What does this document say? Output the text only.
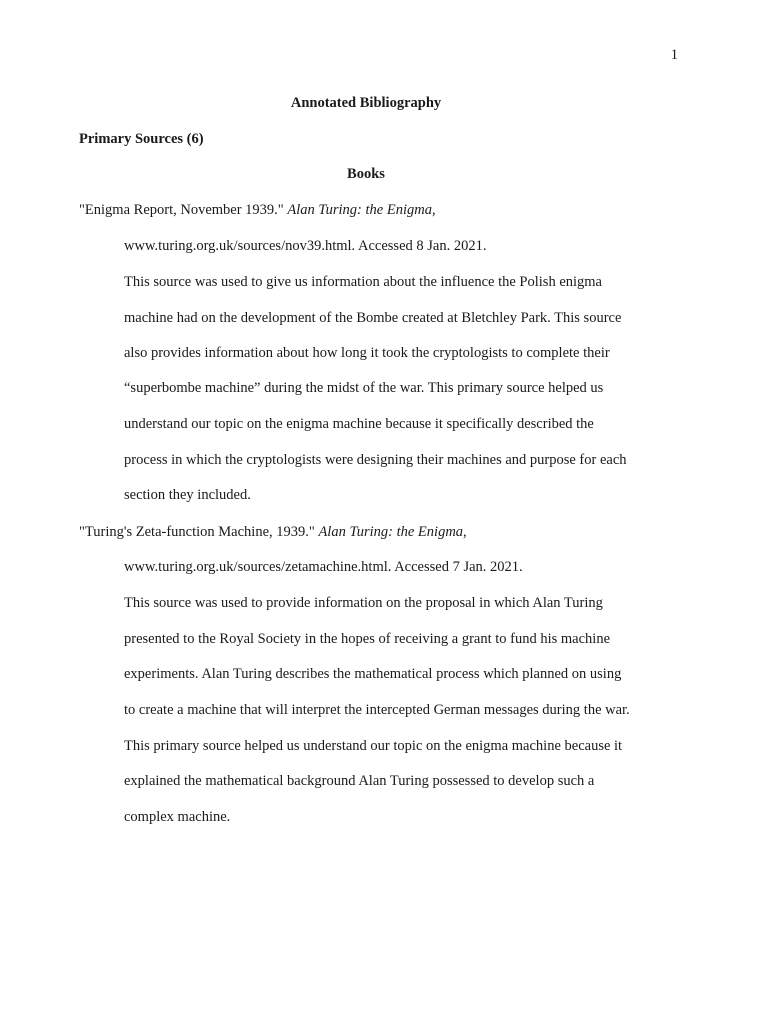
1
Annotated Bibliography
Primary Sources (6)
Books
"Enigma Report, November 1939." Alan Turing: the Enigma,
www.turing.org.uk/sources/nov39.html. Accessed 8 Jan. 2021.
This source was used to give us information about the influence the Polish enigma
machine had on the development of the Bombe created at Bletchley Park. This source
also provides information about how long it took the cryptologists to complete their
“superbombe machine” during the midst of the war. This primary source helped us
understand our topic on the enigma machine because it specifically described the
process in which the cryptologists were designing their machines and purpose for each
section they included.
"Turing's Zeta-function Machine, 1939." Alan Turing: the Enigma,
www.turing.org.uk/sources/zetamachine.html. Accessed 7 Jan. 2021.
This source was used to provide information on the proposal in which Alan Turing
presented to the Royal Society in the hopes of receiving a grant to fund his machine
experiments. Alan Turing describes the mathematical process which planned on using
to create a machine that will interpret the intercepted German messages during the war.
This primary source helped us understand our topic on the enigma machine because it
explained the mathematical background Alan Turing possessed to develop such a
complex machine.
